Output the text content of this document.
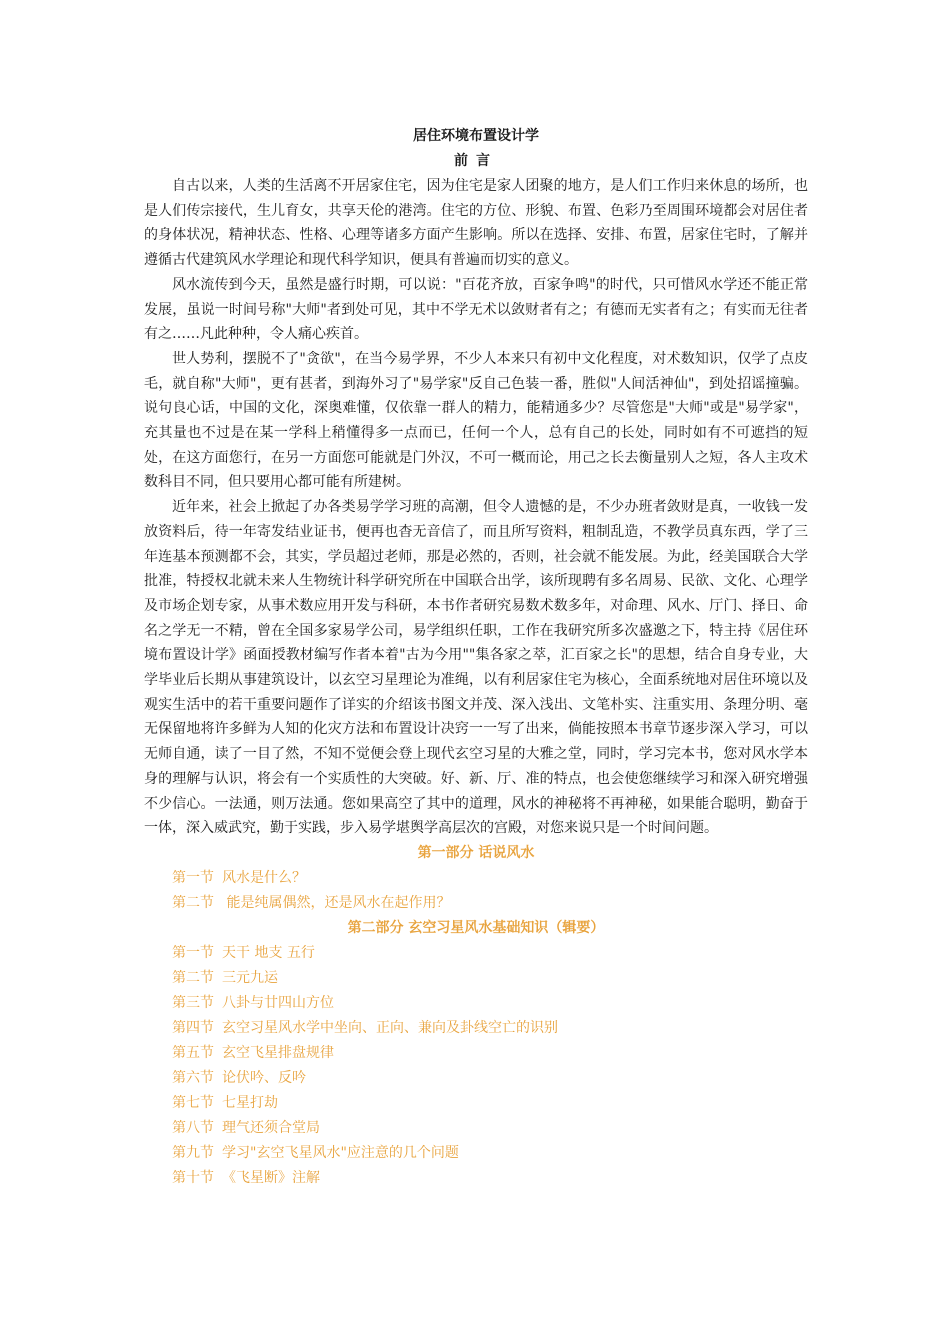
居住环境布置设计学
前言

自古以来，人类的生活离不开居家住宅，因为住宅是家人团聚的地方，是人们工作归来休息的场所，也是人们传宗接代，生儿育女，共享天伦的港湾。住宅的方位、形貌、布置、色彩乃至周围环境都会对居住者的身体状况，精神状态、性格、心理等诸多方面产生影响。所以在选择、安排、布置，居家住宅时，了解并遵循古代建筑风水学理论和现代科学知识，便具有普遍而切实的意义。

风水流传到今天，虽然是盛行时期，可以说："百花齐放，百家争鸣"的时代，只可惜风水学还不能正常发展，虽说一时间号称"大师"者到处可见，其中不学无术以敛财者有之；有德而无实者有之；有实而无往者有之……凡此种种，令人痛心疾首。

世人势利，摆脱不了"贪欲"，在当今易学界，不少人本来只有初中文化程度，对术数知识，仅学了点皮毛，就自称"大师"，更有甚者，到海外习了"易学家"反自己色装一番，胜似"人间活神仙"，到处招谣撞骗。说句良心话，中国的文化，深奥难懂，仅依靠一群人的精力，能精通多少？尽管您是"大师"或是"易学家"，充其量也不过是在某一学科上稍懂得多一点而已，任何一个人，总有自己的长处，同时如有不可遮挡的短处，在这方面您行，在另一方面您可能就是门外汉，不可一概而论，用己之长去衡量别人之短，各人主攻术数科目不同，但只要用心都可能有所建树。

近年来，社会上掀起了办各类易学学习班的高潮，但令人遗憾的是，不少办班者敛财是真，一收钱一发放资料后，待一年寄发结业证书，便再也杳无音信了，而且所写资料，粗制乱造，不教学员真东西，学了三年连基本预测都不会，其实，学员超过老师，那是必然的，否则，社会就不能发展。为此，经美国联合大学批准，特授权北就未来人生物统计科学研究所在中国联合出学，该所现聘有多名周易、民欲、文化、心理学及市场企划专家，从事术数应用开发与科研，本书作者研究易数术数多年，对命理、风水、厅门、择日、命名之学无一不精，曾在全国多家易学公司，易学组织任职，工作在我研究所多次盛邀之下，特主持《居住环境布置设计学》函面授教材编写作者本着"古为今用""集各家之萃，汇百家之长"的思想，结合自身专业，大学毕业后长期从事建筑设计，以玄空习星理论为准绳，以有利居家住宅为核心，全面系统地对居住环境以及观实生活中的若干重要问题作了详实的介绍该书图文并茂、深入浅出、文笔朴实、注重实用、条理分明、毫无保留地将许多鲜为人知的化灾方法和布置设计决窍一一写了出来，倘能按照本书章节逐步深入学习，可以无师自通，读了一目了然，不知不觉便会登上现代玄空习星的大雅之堂，同时，学习完本书，您对风水学本身的理解与认识，将会有一个实质性的大突破。好、新、厅、准的特点，也会使您继续学习和深入研究增强不少信心。一法通，则万法通。您如果高空了其中的道理，风水的神秘将不再神秘，如果能合聪明，勤奋于一体，深入威武究，勤于实践，步入易学堪舆学高层次的宫殿，对您来说只是一个时间问题。

第一部分 话说风水
第一节 风水是什么？
第二节 能是纯属偶然，还是风水在起作用？
第二部分 玄空习星风水基础知识（辑要）
第一节 天干 地支 五行
第二节 三元九运
第三节 八卦与廿四山方位
第四节 玄空习星风水学中坐向、正向、兼向及卦线空亡的识别
第五节 玄空飞星排盘规律
第六节 论伏吟、反吟
第七节 七星打劫
第八节 理气还须合堂局
第九节 学习"玄空飞星风水"应注意的几个问题
第十节 《飞星断》注解
